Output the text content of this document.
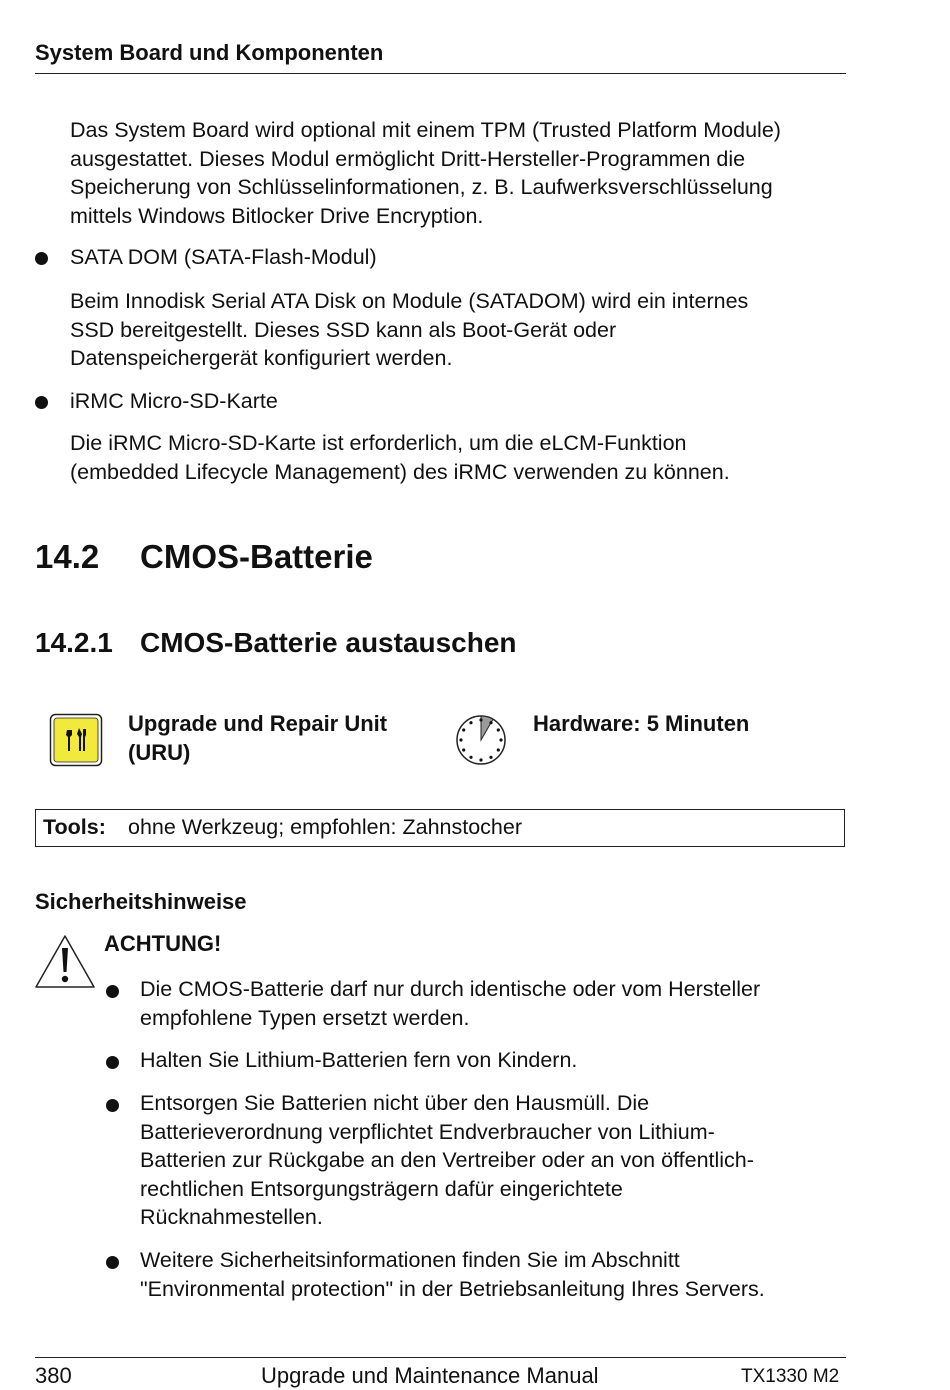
System Board und Komponenten
Das System Board wird optional mit einem TPM (Trusted Platform Module)
ausgestattet. Dieses Modul ermöglicht Dritt-Hersteller-Programmen die
Speicherung von Schlüsselinformationen, z. B. Laufwerksverschlüsselung
mittels Windows Bitlocker Drive Encryption.
SATA DOM (SATA-Flash-Modul)
Beim Innodisk Serial ATA Disk on Module (SATADOM) wird ein internes
SSD bereitgestellt. Dieses SSD kann als Boot-Gerät oder
Datenspeichergerät konfiguriert werden.
iRMC Micro-SD-Karte
Die iRMC Micro-SD-Karte ist erforderlich, um die eLCM-Funktion
(embedded Lifecycle Management) des iRMC verwenden zu können.
14.2 CMOS-Batterie
14.2.1 CMOS-Batterie austauschen
Upgrade und Repair Unit
(URU)
Hardware: 5 Minuten
Tools: ohne Werkzeug; empfohlen: Zahnstocher
Sicherheitshinweise
ACHTUNG!
Die CMOS-Batterie darf nur durch identische oder vom Hersteller
empfohlene Typen ersetzt werden.
Halten Sie Lithium-Batterien fern von Kindern.
Entsorgen Sie Batterien nicht über den Hausmüll. Die
Batterieverordnung verpflichtet Endverbraucher von Lithium-
Batterien zur Rückgabe an den Vertreiber oder an von öffentlich-
rechtlichen Entsorgungsträgern dafür eingerichtete
Rücknahmestellen.
Weitere Sicherheitsinformationen finden Sie im Abschnitt
"Environmental protection" in der Betriebsanleitung Ihres Servers.
380	Upgrade und Maintenance Manual	TX1330 M2
